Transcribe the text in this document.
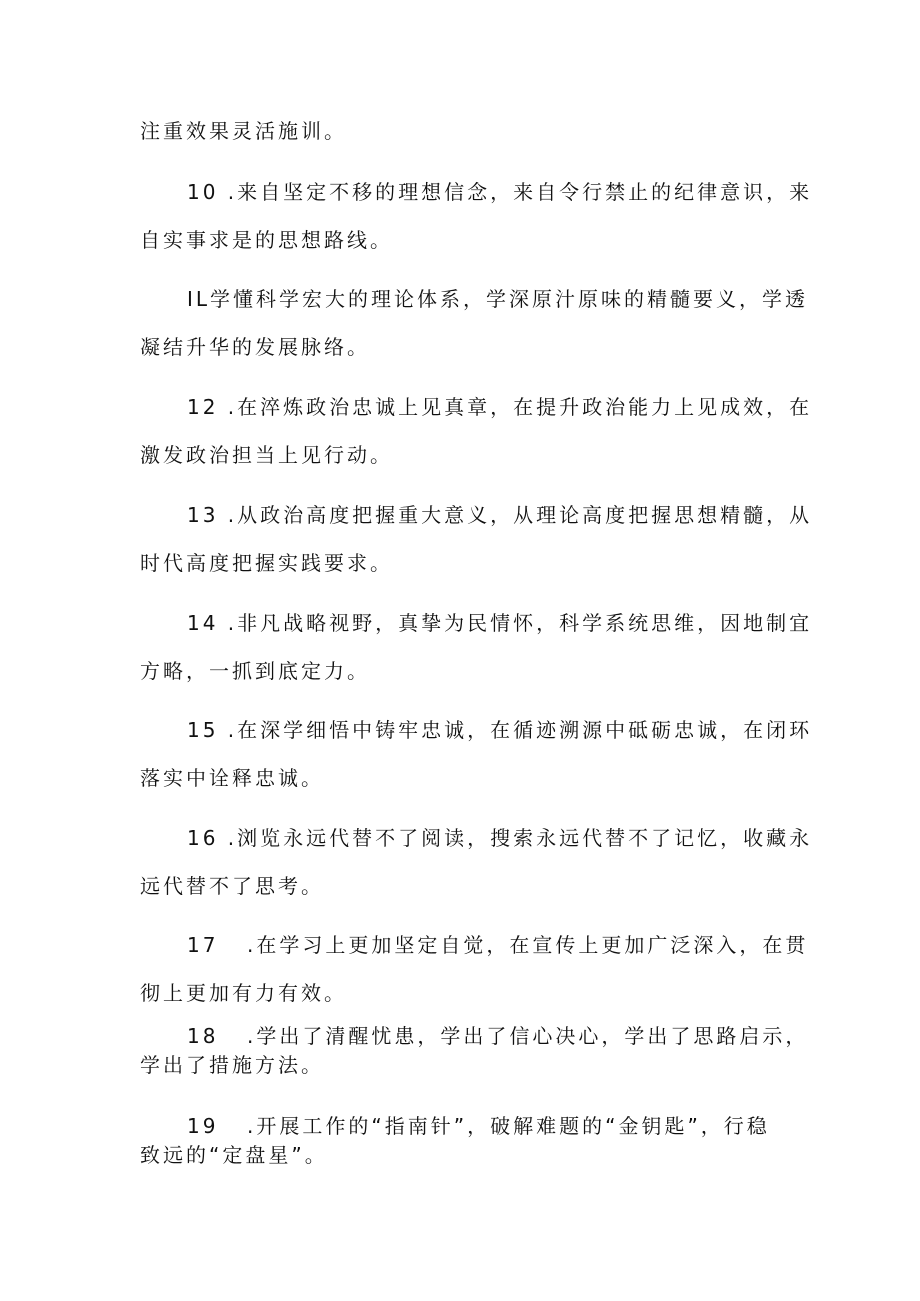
注重效果灵活施训。
10 .来自坚定不移的理想信念，来自令行禁止的纪律意识，来
自实事求是的思想路线。
IL学懂科学宏大的理论体系，学深原汁原味的精髓要义，学透
凝结升华的发展脉络。
12 .在淬炼政治忠诚上见真章，在提升政治能力上见成效，在
激发政治担当上见行动。
13 .从政治高度把握重大意义，从理论高度把握思想精髓，从
时代高度把握实践要求。
14 .非凡战略视野，真挚为民情怀，科学系统思维，因地制宜
方略，一抓到底定力。
15 .在深学细悟中铸牢忠诚，在循迹溯源中砥砺忠诚，在闭环
落实中诠释忠诚。
16 .浏览永远代替不了阅读，搜索永远代替不了记忆，收藏永
远代替不了思考。
17	.在学习上更加坚定自觉，在宣传上更加广泛深入，在贯
彻上更加有力有效。
18	.学出了清醒忧患，学出了信心决心，学出了思路启示，
学出了措施方法。
19	.开展工作的“指南针”，破解难题的“金钥匙”，行稳
致远的“定盘星”。
